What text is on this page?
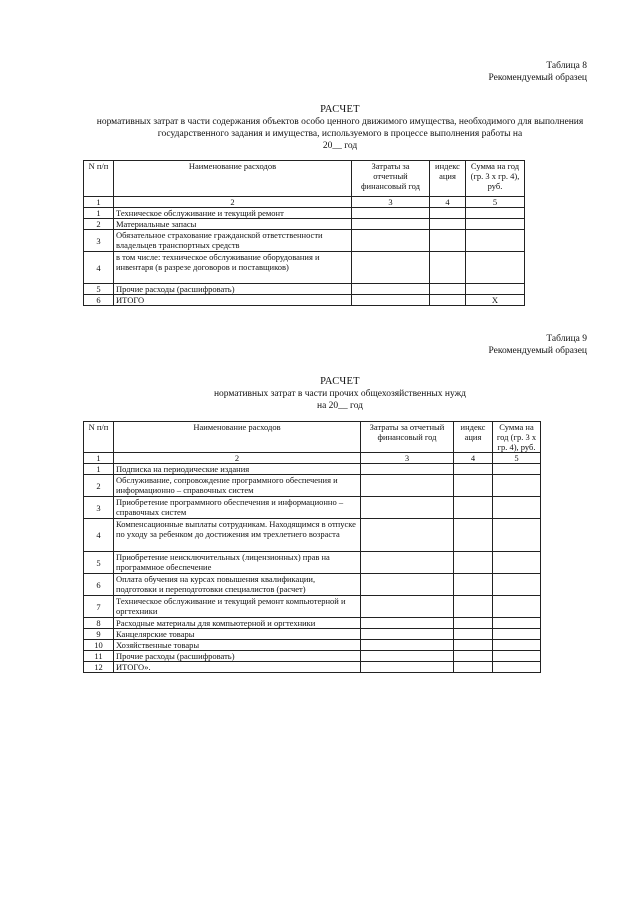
Таблица 8
Рекомендуемый образец
РАСЧЕТ
нормативных затрат в части содержания объектов особо ценного движимого имущества, необходимого для выполнения
государственного задания и имущества, используемого в процессе выполнения работы на
20__ год
N п/п	Наименование расходов	Затраты за отчетный финансовый год	индекс ация	Сумма на год (гр. 3 x гр. 4), руб.
1	2	3	4	5
1	Техническое обслуживание и текущий ремонт			
2	Материальные запасы			
3	Обязательное страхование гражданской ответственности владельцев транспортных средств			
4	в том числе: техническое обслуживание оборудования и инвентаря (в разрезе договоров и поставщиков)			
5	Прочие расходы (расшифровать)			
6	ИТОГО			X
Таблица 9
Рекомендуемый образец
РАСЧЕТ
нормативных затрат в части прочих общехозяйственных нужд
на 20__ год
N п/п	Наименование расходов	Затраты за отчетный финансовый год	индекс ация	Сумма на год (гр. 3 x гр. 4), руб.
1	2	3	4	5
1	Подписка на периодические издания			
2	Обслуживание, сопровождение программного обеспечения и информационно – справочных систем			
3	Приобретение программного обеспечения и информационно – справочных систем			
4	Компенсационные выплаты сотрудникам. Находящимся в отпуске по уходу за ребенком до достижения им трехлетнего возраста			
5	Приобретение неисключительных (лицензионных) прав на программное обеспечение			
6	Оплата обучения на курсах повышения квалификации, подготовки и переподготовки специалистов (расчет)			
7	Техническое обслуживание и текущий ремонт компьютерной и оргтехники			
8	Расходные материалы для компьютерной и оргтехники			
9	Канцелярские товары			
10	Хозяйственные товары			
11	Прочие расходы (расшифровать)			
12	ИТОГО».			
